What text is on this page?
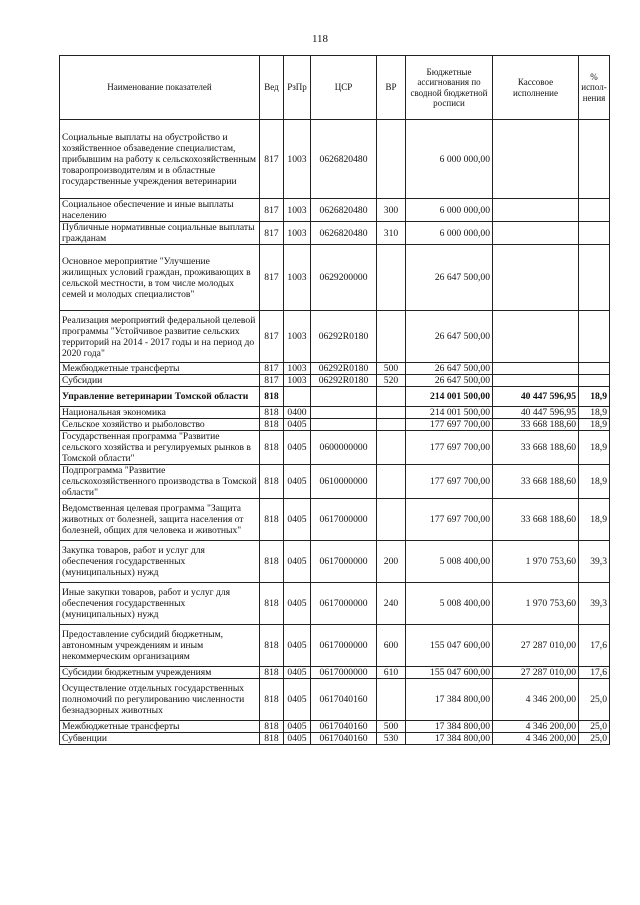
118
Наименование показателей	Вед	РзПр	ЦСР	ВР	Бюджетные ассигнования по сводной бюджетной росписи	Кассовое исполнение	% испол-нения
Социальные выплаты на обустройство и хозяйственное обзаведение специалистам, прибывшим на работу к сельскохозяйственным товаропроизводителям и в областные государственные учреждения ветеринарии	817	1003	0626820480		6 000 000,00		
Социальное обеспечение и иные выплаты населению	817	1003	0626820480	300	6 000 000,00		
Публичные нормативные социальные выплаты гражданам	817	1003	0626820480	310	6 000 000,00		
Основное мероприятие "Улучшение жилищных условий граждан, проживающих в сельской местности, в том числе молодых семей и молодых специалистов"	817	1003	0629200000		26 647 500,00		
Реализация мероприятий федеральной целевой программы "Устойчивое развитие сельских территорий на 2014 - 2017 годы и на период до 2020 года"	817	1003	06292R0180		26 647 500,00		
Межбюджетные трансферты	817	1003	06292R0180	500	26 647 500,00		
Субсидии	817	1003	06292R0180	520	26 647 500,00		
Управление ветеринарии Томской области	818				214 001 500,00	40 447 596,95	18,9
Национальная экономика	818	0400			214 001 500,00	40 447 596,95	18,9
Сельское хозяйство и рыболовство	818	0405			177 697 700,00	33 668 188,60	18,9
Государственная программа "Развитие сельского хозяйства и регулируемых рынков в Томской области"	818	0405	0600000000		177 697 700,00	33 668 188,60	18,9
Подпрограмма "Развитие сельскохозяйственного производства в Томской области"	818	0405	0610000000		177 697 700,00	33 668 188,60	18,9
Ведомственная целевая программа "Защита животных от болезней, защита населения от болезней, общих для человека и животных"	818	0405	0617000000		177 697 700,00	33 668 188,60	18,9
Закупка товаров, работ и услуг для обеспечения государственных (муниципальных) нужд	818	0405	0617000000	200	5 008 400,00	1 970 753,60	39,3
Иные закупки товаров, работ и услуг для обеспечения государственных (муниципальных) нужд	818	0405	0617000000	240	5 008 400,00	1 970 753,60	39,3
Предоставление субсидий бюджетным, автономным учреждениям и иным некоммерческим организациям	818	0405	0617000000	600	155 047 600,00	27 287 010,00	17,6
Субсидии бюджетным учреждениям	818	0405	0617000000	610	155 047 600,00	27 287 010,00	17,6
Осуществление отдельных государственных полномочий по регулированию численности безнадзорных животных	818	0405	0617040160		17 384 800,00	4 346 200,00	25,0
Межбюджетные трансферты	818	0405	0617040160	500	17 384 800,00	4 346 200,00	25,0
Субвенции	818	0405	0617040160	530	17 384 800,00	4 346 200,00	25,0
